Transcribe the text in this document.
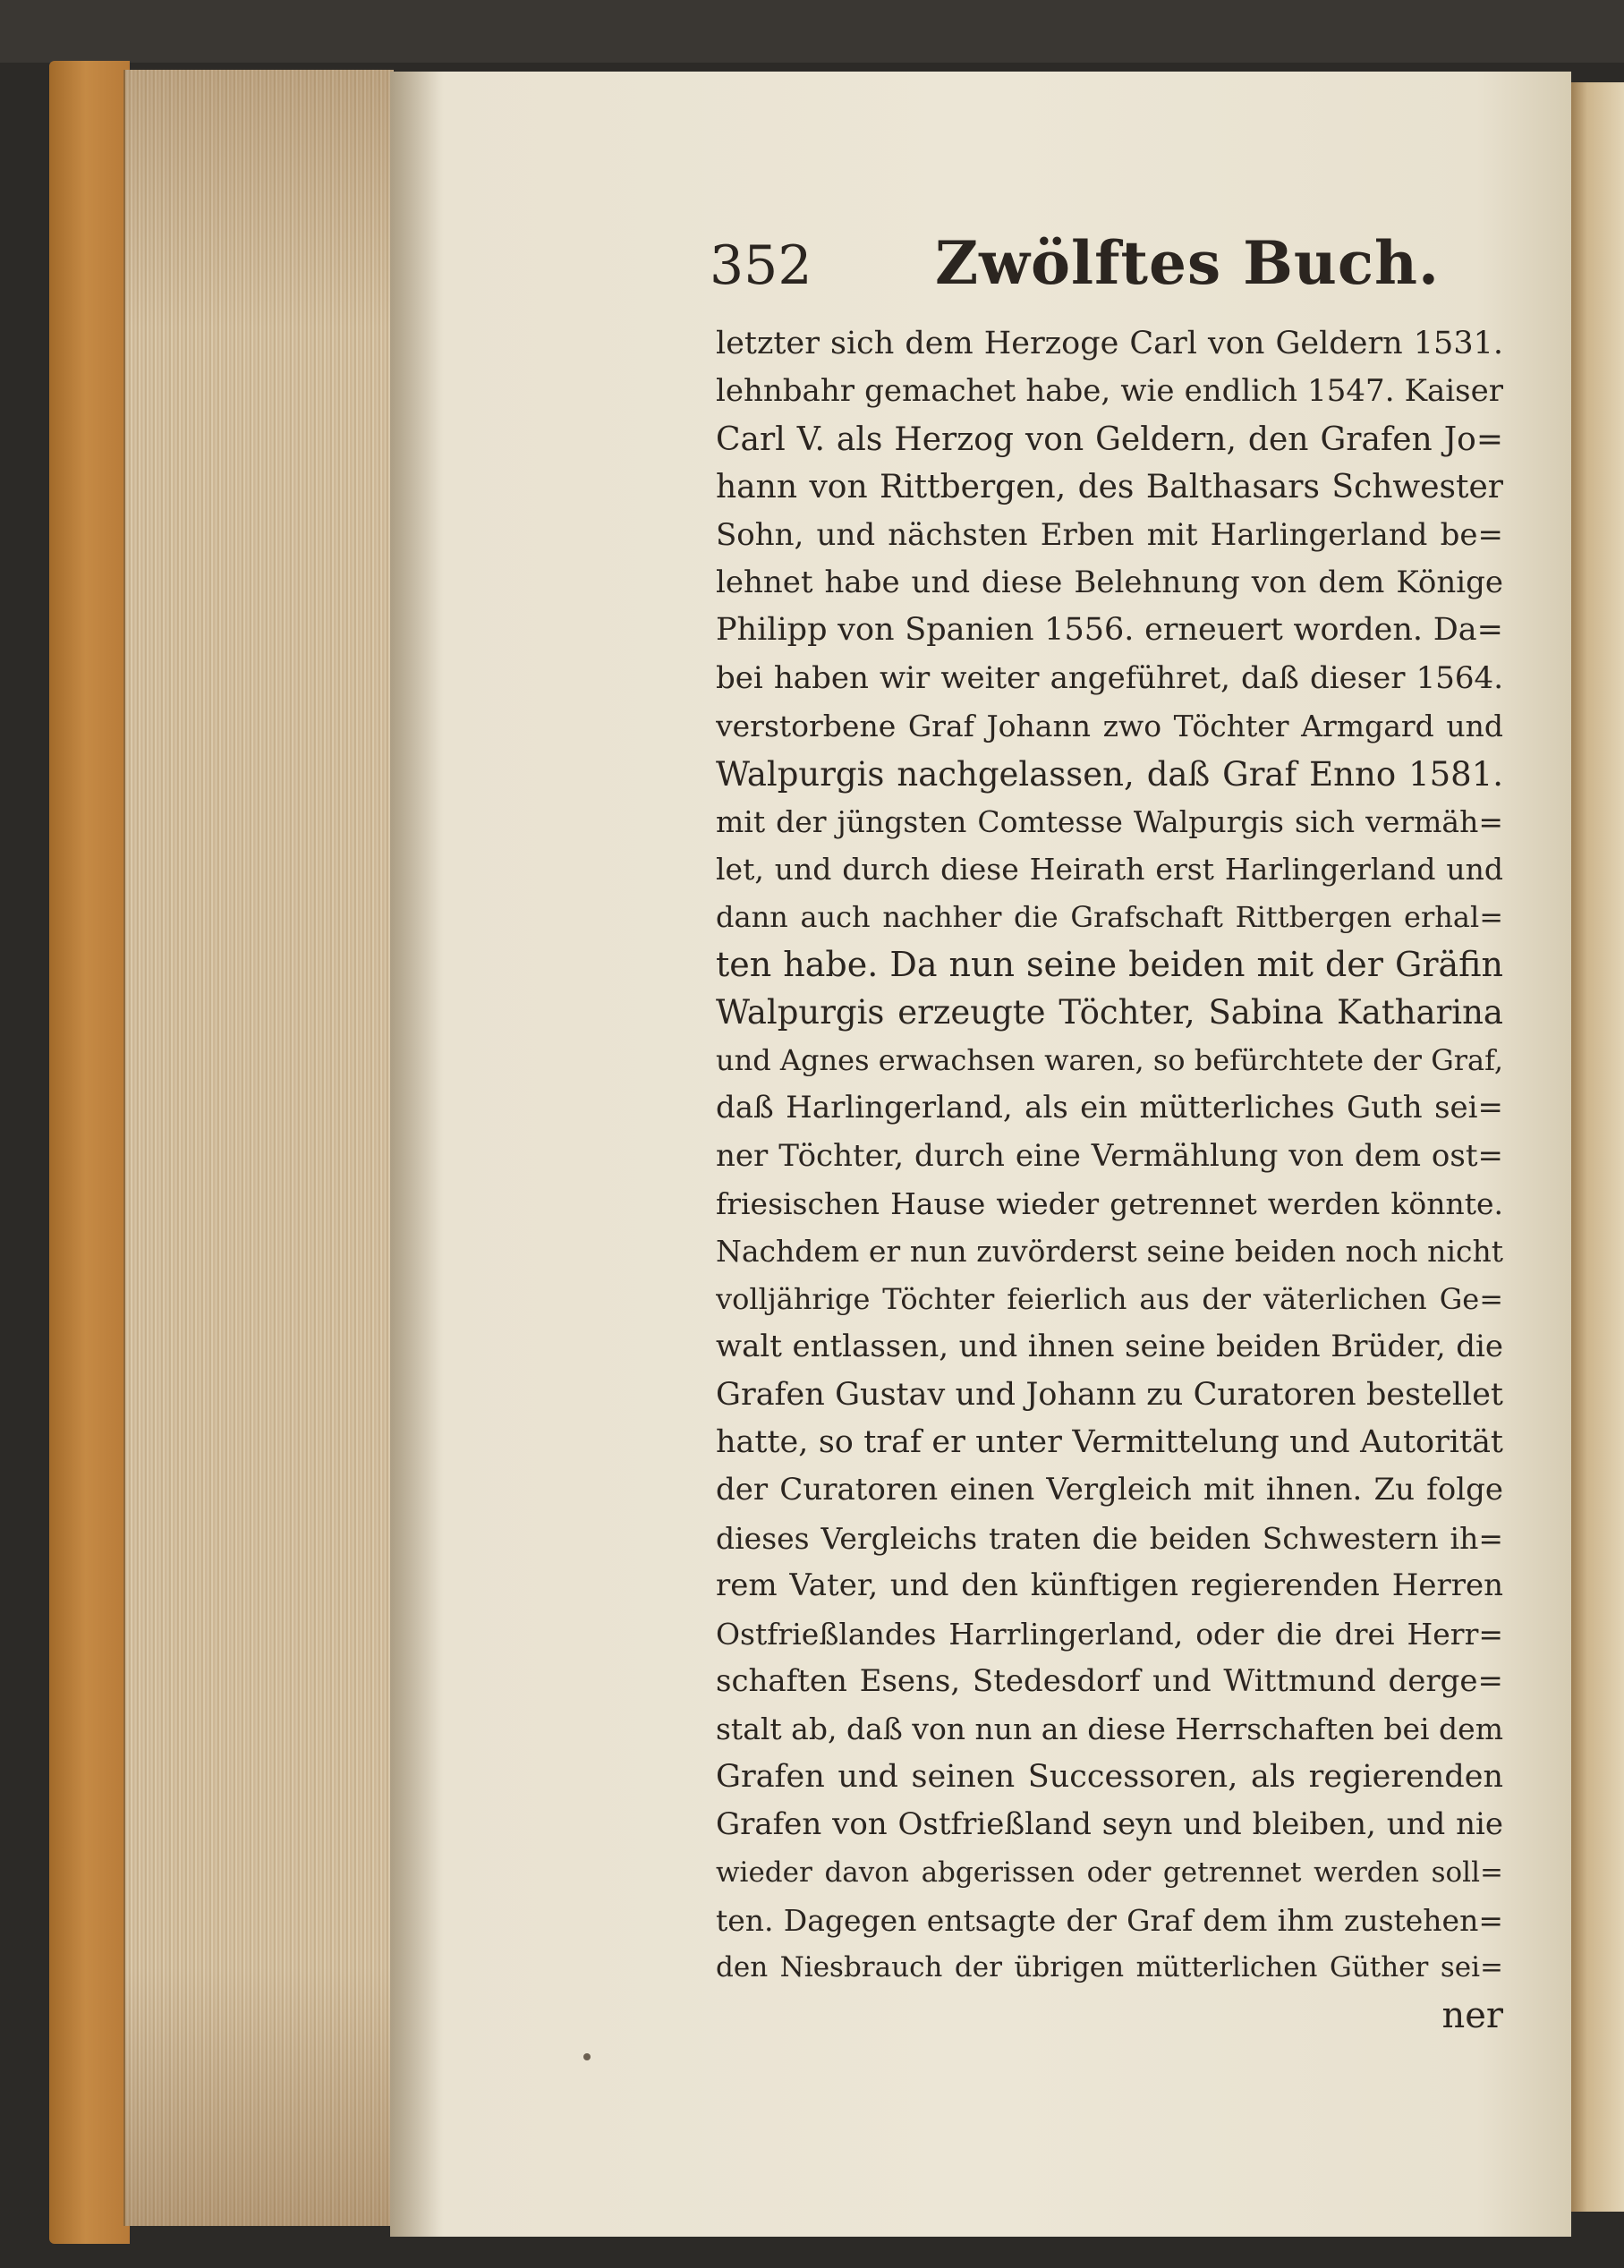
352 Zwölftes Buch.
letzter sich dem Herzoge Carl von Geldern 1531.
lehnbahr gemachet habe, wie endlich 1547. Kaiser
Carl V. als Herzog von Geldern, den Grafen Jo=
hann von Rittbergen, des Balthasars Schwester
Sohn, und nächsten Erben mit Harlingerland be=
lehnet habe und diese Belehnung von dem Könige
Philipp von Spanien 1556. erneuert worden. Da=
bei haben wir weiter angeführet, daß dieser 1564.
verstorbene Graf Johann zwo Töchter Armgard und
Walpurgis nachgelassen, daß Graf Enno 1581.
mit der jüngsten Comtesse Walpurgis sich vermäh=
let, und durch diese Heirath erst Harlingerland und
dann auch nachher die Grafschaft Rittbergen erhal=
ten habe. Da nun seine beiden mit der Gräfin
Walpurgis erzeugte Töchter, Sabina Katharina
und Agnes erwachsen waren, so befürchtete der Graf,
daß Harlingerland, als ein mütterliches Guth sei=
ner Töchter, durch eine Vermählung von dem ost=
friesischen Hause wieder getrennet werden könnte.
Nachdem er nun zuvörderst seine beiden noch nicht
volljährige Töchter feierlich aus der väterlichen Ge=
walt entlassen, und ihnen seine beiden Brüder, die
Grafen Gustav und Johann zu Curatoren bestellet
hatte, so traf er unter Vermittelung und Autorität
der Curatoren einen Vergleich mit ihnen. Zu folge
dieses Vergleichs traten die beiden Schwestern ih=
rem Vater, und den künftigen regierenden Herren
Ostfrießlandes Harrlingerland, oder die drei Herr=
schaften Esens, Stedesdorf und Wittmund derge=
stalt ab, daß von nun an diese Herrschaften bei dem
Grafen und seinen Successoren, als regierenden
Grafen von Ostfrießland seyn und bleiben, und nie
wieder davon abgerissen oder getrennet werden soll=
ten. Dagegen entsagte der Graf dem ihm zustehen=
den Niesbrauch der übrigen mütterlichen Güther sei=
ner
